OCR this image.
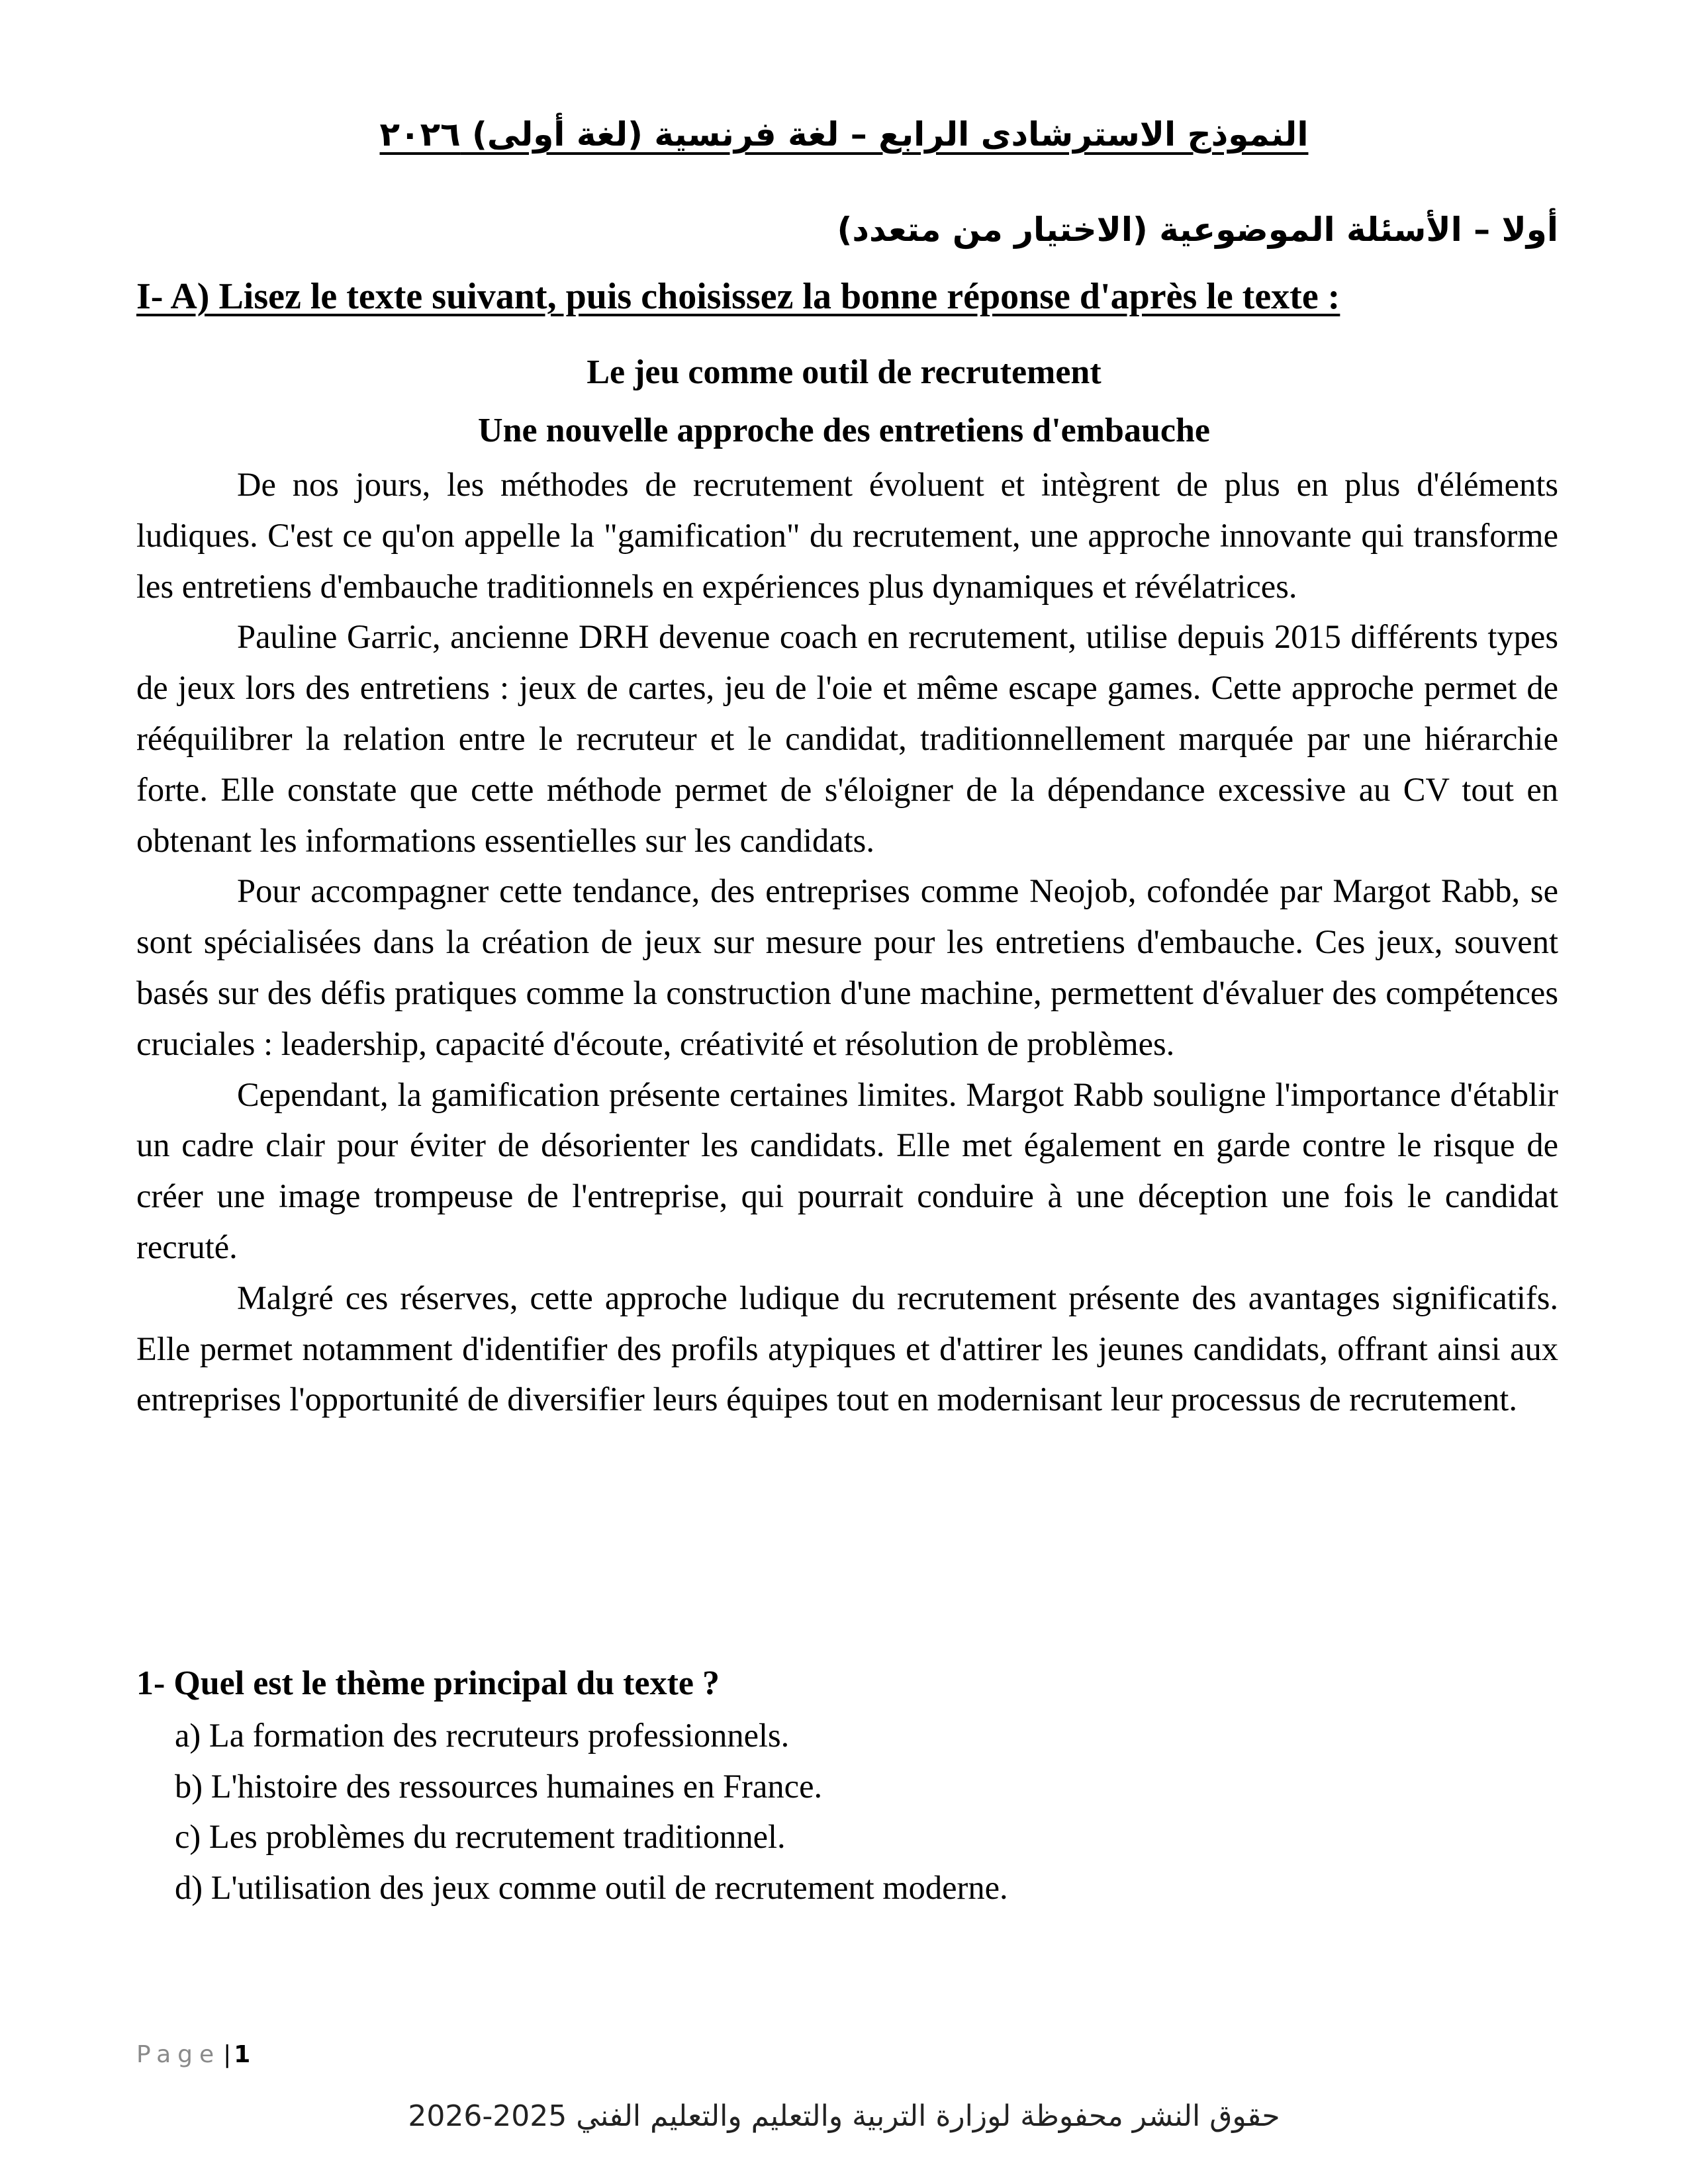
النموذج الاسترشادى الرابع – لغة فرنسية (لغة أولى) ٢٠٢٦
أولا – الأسئلة الموضوعية (الاختيار من متعدد)
I- A) Lisez le texte suivant, puis choisissez la bonne réponse d'après le texte :
Le jeu comme outil de recrutement
Une nouvelle approche des entretiens d'embauche

De nos jours, les méthodes de recrutement évoluent et intègrent de plus en plus d'éléments ludiques. C'est ce qu'on appelle la "gamification" du recrutement, une approche innovante qui transforme les entretiens d'embauche traditionnels en expériences plus dynamiques et révélatrices.

Pauline Garric, ancienne DRH devenue coach en recrutement, utilise depuis 2015 différents types de jeux lors des entretiens : jeux de cartes, jeu de l'oie et même escape games. Cette approche permet de rééquilibrer la relation entre le recruteur et le candidat, traditionnellement marquée par une hiérarchie forte. Elle constate que cette méthode permet de s'éloigner de la dépendance excessive au CV tout en obtenant les informations essentielles sur les candidats.

Pour accompagner cette tendance, des entreprises comme Neojob, cofondée par Margot Rabb, se sont spécialisées dans la création de jeux sur mesure pour les entretiens d'embauche. Ces jeux, souvent basés sur des défis pratiques comme la construction d'une machine, permettent d'évaluer des compétences cruciales : leadership, capacité d'écoute, créativité et résolution de problèmes.

Cependant, la gamification présente certaines limites. Margot Rabb souligne l'importance d'établir un cadre clair pour éviter de désorienter les candidats. Elle met également en garde contre le risque de créer une image trompeuse de l'entreprise, qui pourrait conduire à une déception une fois le candidat recruté.

Malgré ces réserves, cette approche ludique du recrutement présente des avantages significatifs. Elle permet notamment d'identifier des profils atypiques et d'attirer les jeunes candidats, offrant ainsi aux entreprises l'opportunité de diversifier leurs équipes tout en modernisant leur processus de recrutement.

1- Quel est le thème principal du texte ?
a) La formation des recruteurs professionnels.
b) L'histoire des ressources humaines en France.
c) Les problèmes du recrutement traditionnel.
d) L'utilisation des jeux comme outil de recrutement moderne.
Page | 1
حقوق النشر محفوظة لوزارة التربية والتعليم والتعليم الفني 2025-2026
